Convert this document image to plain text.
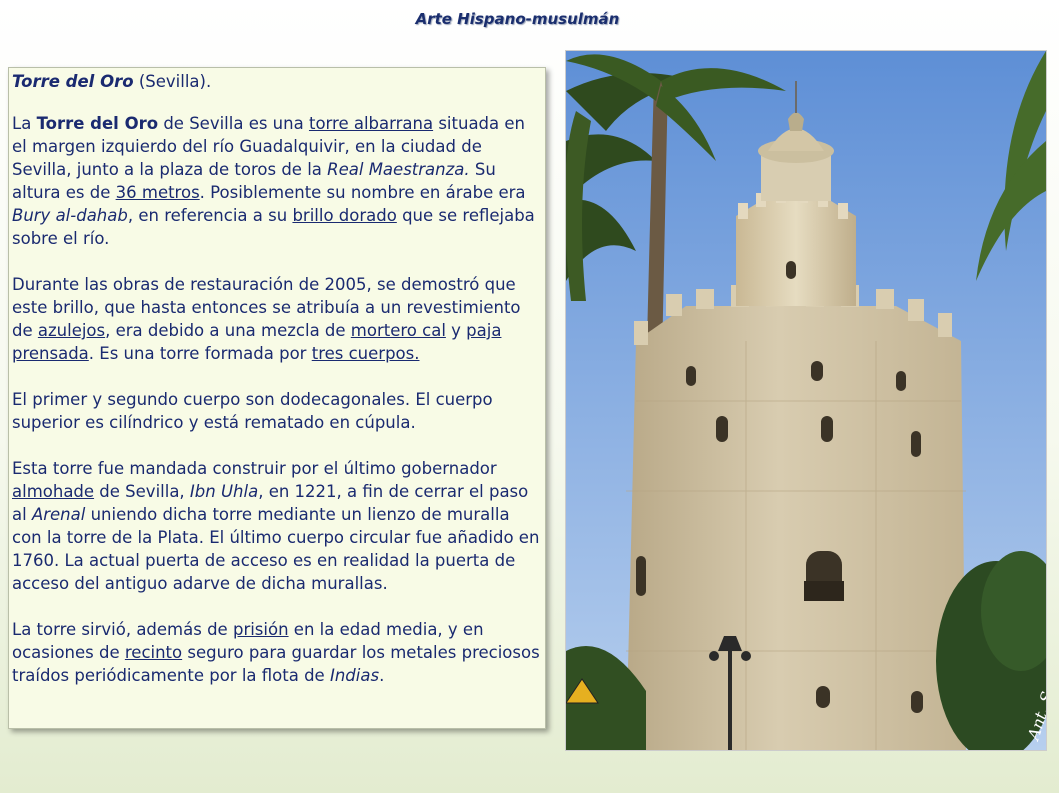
Arte Hispano-musulmán

Torre del Oro (Sevilla).

La Torre del Oro de Sevilla es una torre albarrana situada en el margen izquierdo del río Guadalquivir, en la ciudad de Sevilla, junto a la plaza de toros de la Real Maestranza. Su altura es de 36 metros. Posiblemente su nombre en árabe era Bury al-dahab, en referencia a su brillo dorado que se reflejaba sobre el río.

Durante las obras de restauración de 2005, se demostró que este brillo, que hasta entonces se atribuía a un revestimiento de azulejos, era debido a una mezcla de mortero cal y paja prensada. Es una torre formada por tres cuerpos.

El primer y segundo cuerpo son dodecagonales. El cuerpo superior es cilíndrico y está rematado en cúpula.

Esta torre fue mandada construir por el último gobernador almohade de Sevilla, Ibn Uhla, en 1221, a fin de cerrar el paso al Arenal uniendo dicha torre mediante un lienzo de muralla con la torre de la Plata. El último cuerpo circular fue añadido en 1760. La actual puerta de acceso es en realidad la puerta de acceso del antiguo adarve de dicha murallas.

La torre sirvió, además de prisión en la edad media, y en ocasiones de recinto seguro para guardar los metales preciosos traídos periódicamente por la flota de Indias.
